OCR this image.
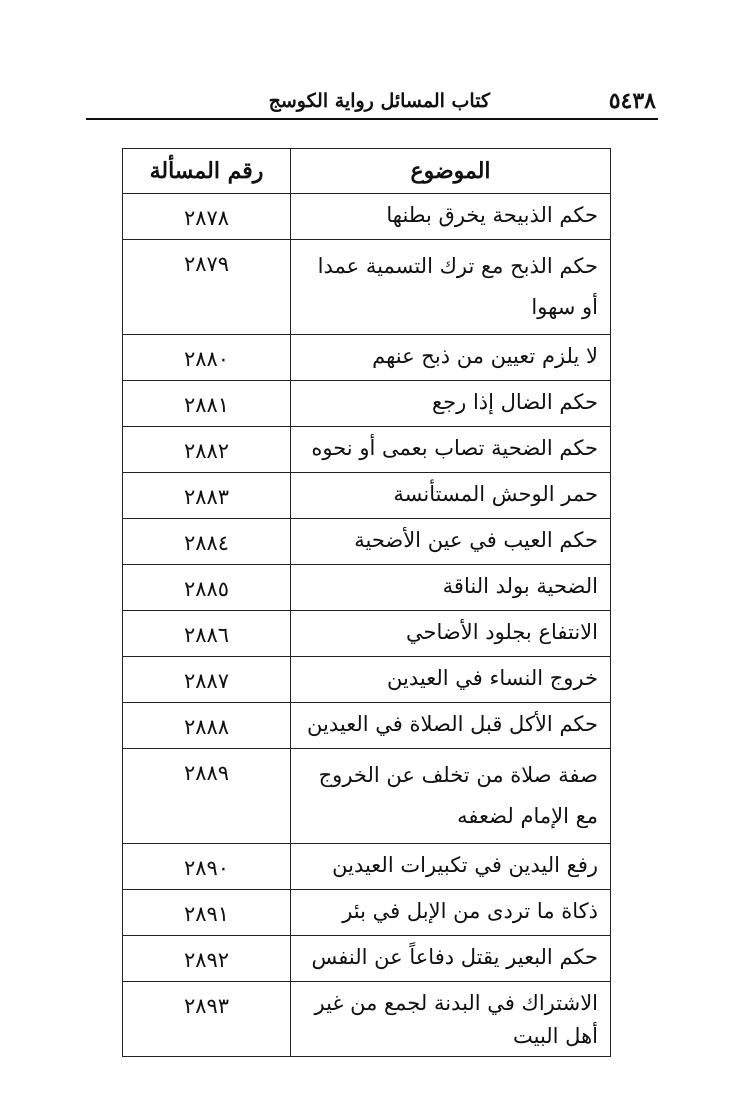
٥٤٣٨
كتاب المسائل رواية الكوسج
الموضوع	رقم المسألة
حكم الذبيحة يخرق بطنها	٢٨٧٨
حكم الذبح مع ترك التسمية عمدا أو سهوا	٢٨٧٩
لا يلزم تعيين من ذبح عنهم	٢٨٨٠
حكم الضال إذا رجع	٢٨٨١
حكم الضحية تصاب بعمى أو نحوه	٢٨٨٢
حمر الوحش المستأنسة	٢٨٨٣
حكم العيب في عين الأضحية	٢٨٨٤
الضحية بولد الناقة	٢٨٨٥
الانتفاع بجلود الأضاحي	٢٨٨٦
خروج النساء في العيدين	٢٨٨٧
حكم الأكل قبل الصلاة في العيدين	٢٨٨٨
صفة صلاة من تخلف عن الخروج مع الإمام لضعفه	٢٨٨٩
رفع اليدين في تكبيرات العيدين	٢٨٩٠
ذكاة ما تردى من الإبل في بئر	٢٨٩١
حكم البعير يقتل دفاعاً عن النفس	٢٨٩٢
الاشتراك في البدنة لجمع من غير أهل البيت	٢٨٩٣
